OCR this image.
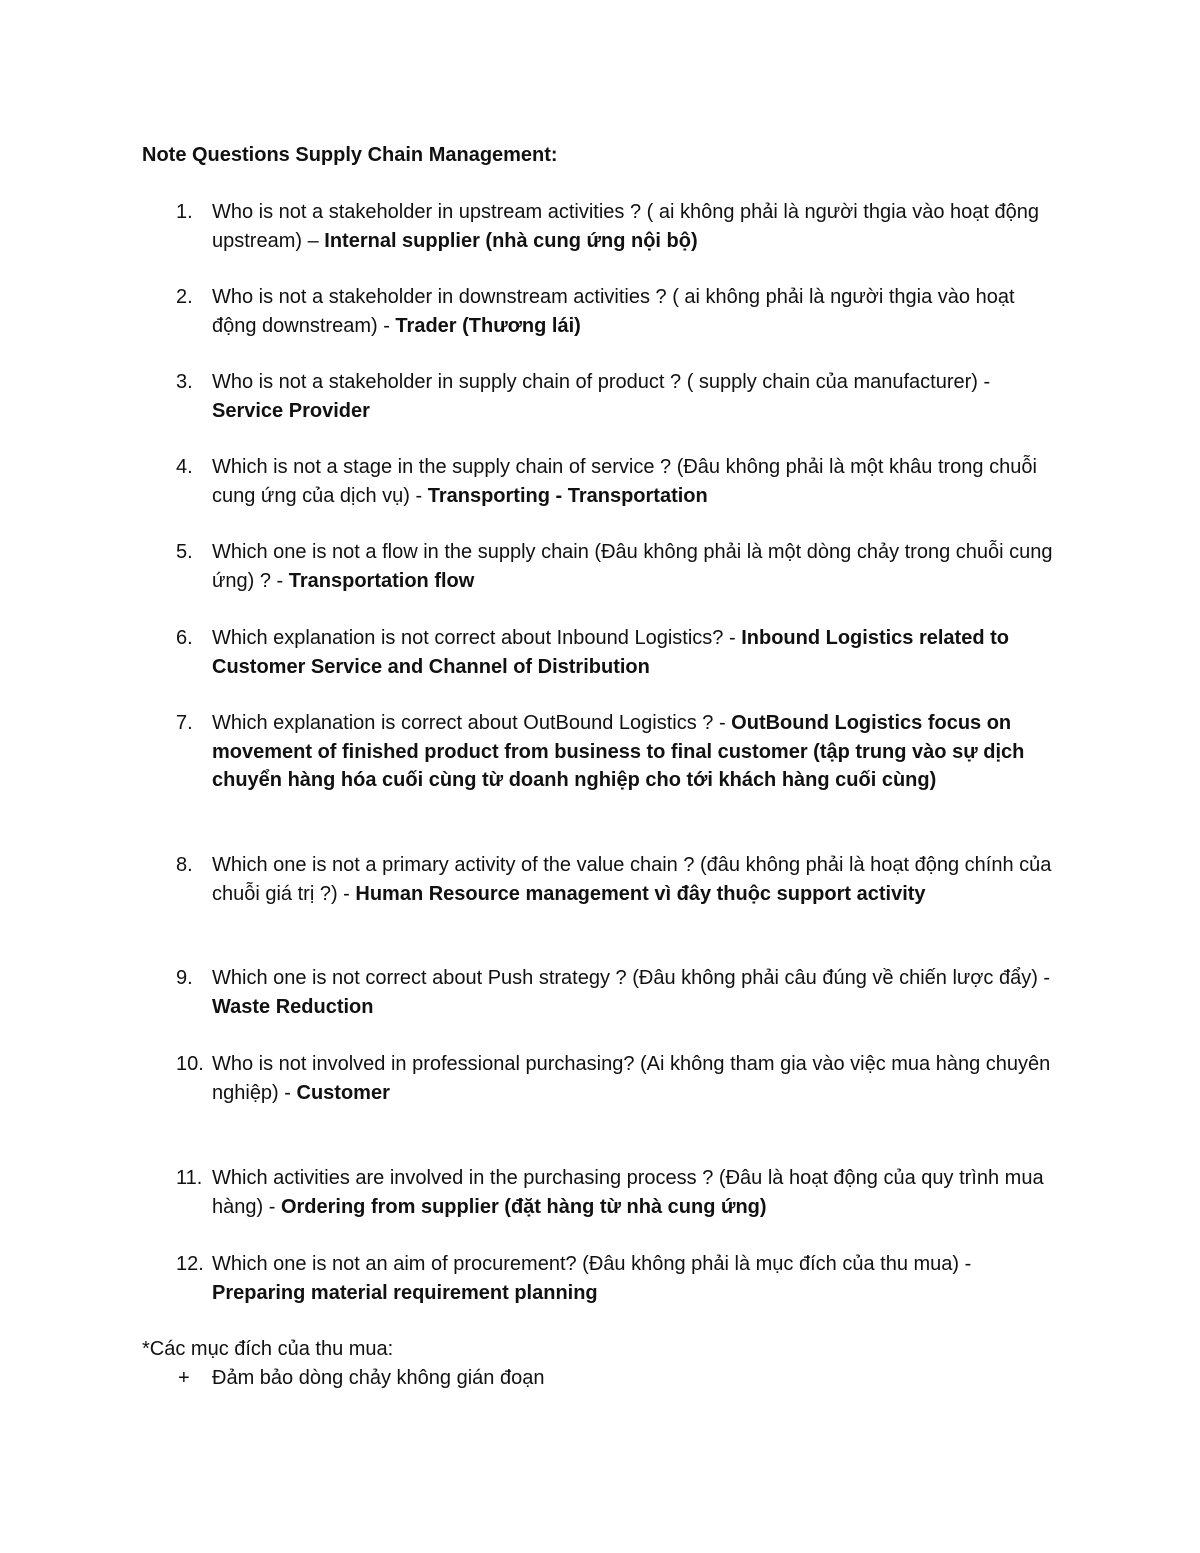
Note Questions Supply Chain Management:
1. Who is not a stakeholder in upstream activities ? ( ai không phải là người thgia vào hoạt động upstream) – Internal supplier (nhà cung ứng nội bộ)
2. Who is not a stakeholder in downstream activities ? ( ai không phải là người thgia vào hoạt động downstream) - Trader (Thương lái)
3. Who is not a stakeholder in supply chain of product ? ( supply chain của manufacturer) - Service Provider
4. Which is not a stage in the supply chain of service ? (Đâu không phải là một khâu trong chuỗi cung ứng của dịch vụ) - Transporting - Transportation
5. Which one is not a flow in the supply chain (Đâu không phải là một dòng chảy trong chuỗi cung ứng) ? - Transportation flow
6. Which explanation is not correct about Inbound Logistics? - Inbound Logistics related to Customer Service and Channel of Distribution
7. Which explanation is correct about OutBound Logistics ? - OutBound Logistics focus on movement of finished product from business to final customer (tập trung vào sự dịch chuyển hàng hóa cuối cùng từ doanh nghiệp cho tới khách hàng cuối cùng)
8. Which one is not a primary activity of the value chain ? (đâu không phải là hoạt động chính của chuỗi giá trị ?) - Human Resource management vì đây thuộc support activity
9. Which one is not correct about Push strategy ? (Đâu không phải câu đúng về chiến lược đẩy) - Waste Reduction
10. Who is not involved in professional purchasing? (Ai không tham gia vào việc mua hàng chuyên nghiệp) - Customer
11. Which activities are involved in the purchasing process ? (Đâu là hoạt động của quy trình mua hàng) - Ordering from supplier (đặt hàng từ nhà cung ứng)
12. Which one is not an aim of procurement? (Đâu không phải là mục đích của thu mua) - Preparing material requirement planning
*Các mục đích của thu mua:
+ Đảm bảo dòng chảy không gián đoạn
